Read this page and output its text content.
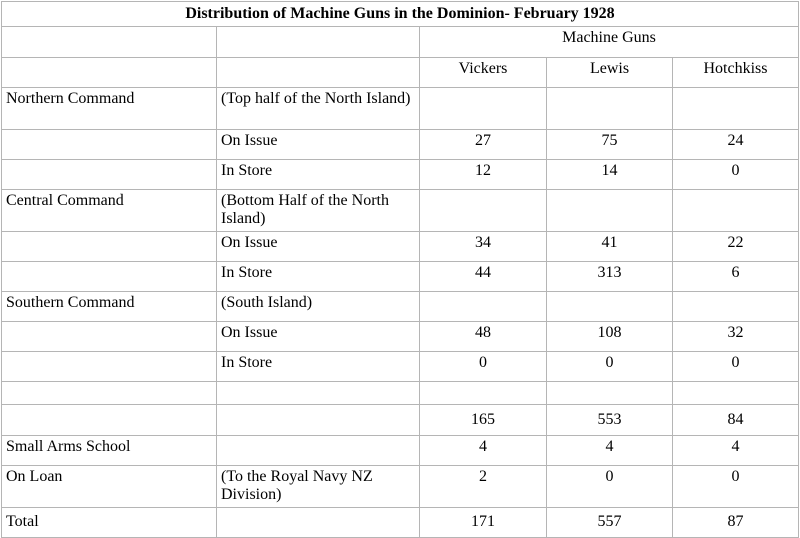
Distribution of Machine Guns in the Dominion- February 1928				
		Machine Guns		
		Vickers	Lewis	Hotchkiss
Northern Command	(Top half of the North Island)			
	On Issue	27	75	24
	In Store	12	14	0
Central Command	(Bottom Half of the North Island)			
	On Issue	34	41	22
	In Store	44	313	6
Southern Command	(South Island)			
	On Issue	48	108	32
	In Store	0	0	0

		165	553	84
Small Arms School		4	4	4
On Loan	(To the Royal Navy NZ Division)	2	0	0
Total		171	557	87
